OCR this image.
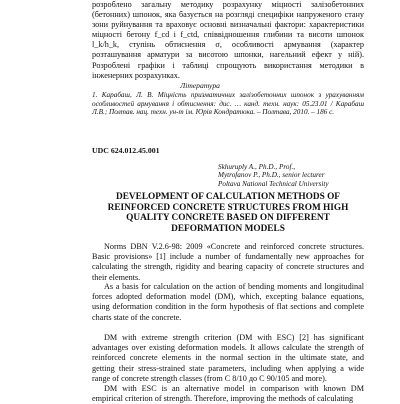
розроблено загальну методику розрахунку міцності залізобетонних (бетонних) шпонок, яка базується на розгляді специфіки напруженого стану зони руйнування та враховує основні визначальні фактори: характеристики міцності бетону f_cd і f_ctd, співвідношення глибини та висоти шпонок l_k/h_k, ступінь обтиснення σ, особливості армування (характер розташування арматури за висотою шпонки, нагельний ефект у ній). Розроблені графіки і таблиці спрощують використання методики в інженерних розрахунках.
Література
1. Карабаш, Л. В. Міцність призматичних залізобетонних шпонок з урахуванням особливостей армування і обтиснення: дис. … канд. техн. наук: 05.23.01 / Карабаш Л.В.; Полтав. нац. техн. ун-т ім. Юрія Кондратюка. – Полтава, 2010. – 186 с.
UDC 624.012.45.001
Skhuruply A., Ph.D., Prof.,
Mytrofanov P., Ph.D., senior lecturer
Poltava National Technical University
DEVELOPMENT OF CALCULATION METHODS OF REINFORCED CONCRETE STRUCTURES FROM HIGH QUALITY CONCRETE BASED ON DIFFERENT DEFORMATION MODELS
Norms DBN V.2.6-98: 2009 «Concrete and reinforced concrete structures. Basic provisions» [1] include a number of fundamentally new approaches for calculating the strength, rigidity and bearing capacity of concrete structures and their elements.
As a basis for calculation on the action of bending moments and longitudinal forces adopted deformation model (DM), which, excepting balance equations, using deformation condition in the form hypothesis of flat sections and complete charts state of the concrete.
DM with extreme strength criterion (DM with ESC) [2] has significant advantages over existing deformation models. It allows calculate the strength of reinforced concrete elements in the normal section in the ultimate state, and getting their stress-strained state parameters, including when applying a wide range of concrete strength classes (from C 8/10 до C 90/105 and more).
DM with ESC is an alternative model in comparison with known DM empirical criterion of strength. Therefore, improving the methods of calculating
